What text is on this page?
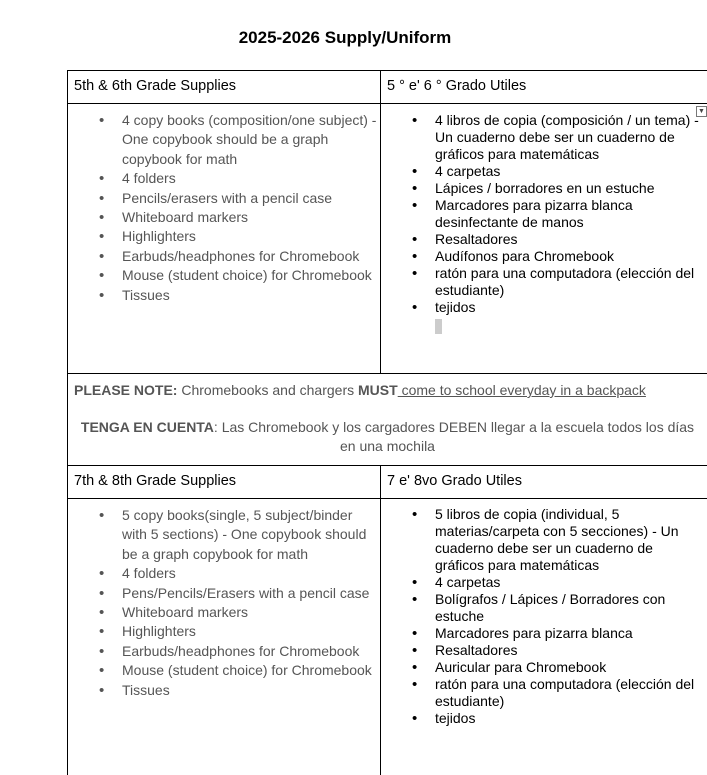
2025-2026 Supply/Uniform
5th & 6th Grade Supplies	5 ° e' 6 ° Grado Utiles
• 4 copy books (composition/one subject) - One copybook should be a graph copybook for math
• 4 folders
• Pencils/erasers with a pencil case
• Whiteboard markers
• Highlighters
• Earbuds/headphones for Chromebook
• Mouse (student choice) for Chromebook
• Tissues
▼
• 4 libros de copia (composición / un tema) - Un cuaderno debe ser un cuaderno de gráficos para matemáticas
• 4 carpetas
• Lápices / borradores en un estuche
• Marcadores para pizarra blanca desinfectante de manos
• Resaltadores
• Audífonos para Chromebook
• ratón para una computadora (elección del estudiante)
• tejidos
PLEASE NOTE: Chromebooks and chargers MUST come to school everyday in a backpack
TENGA EN CUENTA: Las Chromebook y los cargadores DEBEN llegar a la escuela todos los días en una mochila
7th & 8th Grade Supplies	7 e' 8vo Grado Utiles
• 5 copy books(single, 5 subject/binder with 5 sections) - One copybook should be a graph copybook for math
• 4 folders
• Pens/Pencils/Erasers with a pencil case
• Whiteboard markers
• Highlighters
• Earbuds/headphones for Chromebook
• Mouse (student choice) for Chromebook
• Tissues
• 5 libros de copia (individual, 5 materias/carpeta con 5 secciones) - Un cuaderno debe ser un cuaderno de gráficos para matemáticas
• 4 carpetas
• Bolígrafos / Lápices / Borradores con estuche
• Marcadores para pizarra blanca
• Resaltadores
• Auricular para Chromebook
• ratón para una computadora (elección del estudiante)
• tejidos
